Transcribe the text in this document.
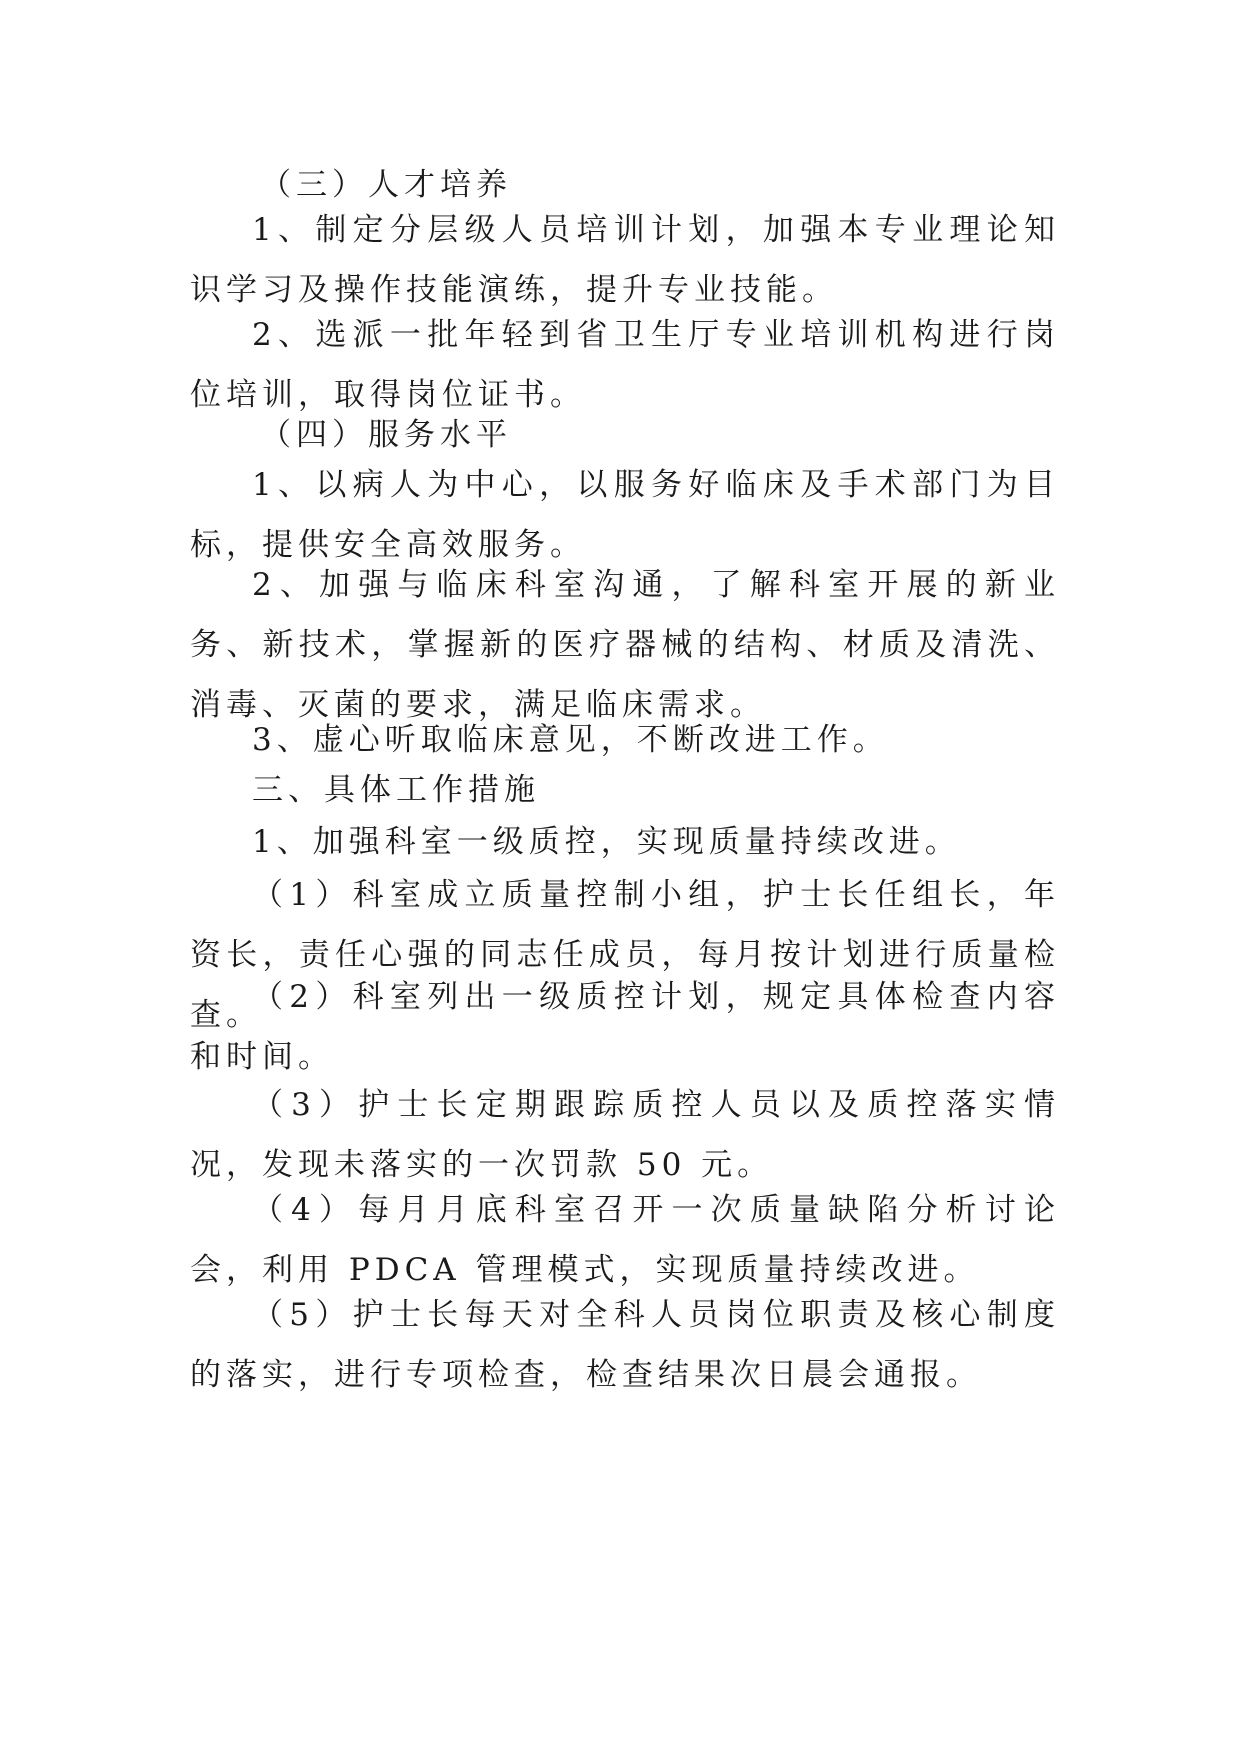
（三）人才培养

1、制定分层级人员培训计划，加强本专业理论知识学习及操作技能演练，提升专业技能。

2、选派一批年轻到省卫生厅专业培训机构进行岗位培训，取得岗位证书。

（四）服务水平

1、以病人为中心，以服务好临床及手术部门为目标，提供安全高效服务。

2、加强与临床科室沟通，了解科室开展的新业务、新技术，掌握新的医疗器械的结构、材质及清洗、消毒、灭菌的要求，满足临床需求。

3、虚心听取临床意见，不断改进工作。

三、具体工作措施

1、加强科室一级质控，实现质量持续改进。

（1）科室成立质量控制小组，护士长任组长，年资长，责任心强的同志任成员，每月按计划进行质量检查。

（2）科室列出一级质控计划，规定具体检查内容和时间。

（3）护士长定期跟踪质控人员以及质控落实情况，发现未落实的一次罚款 50 元。

（4）每月月底科室召开一次质量缺陷分析讨论会，利用 PDCA 管理模式，实现质量持续改进。

（5）护士长每天对全科人员岗位职责及核心制度的落实，进行专项检查，检查结果次日晨会通报。
